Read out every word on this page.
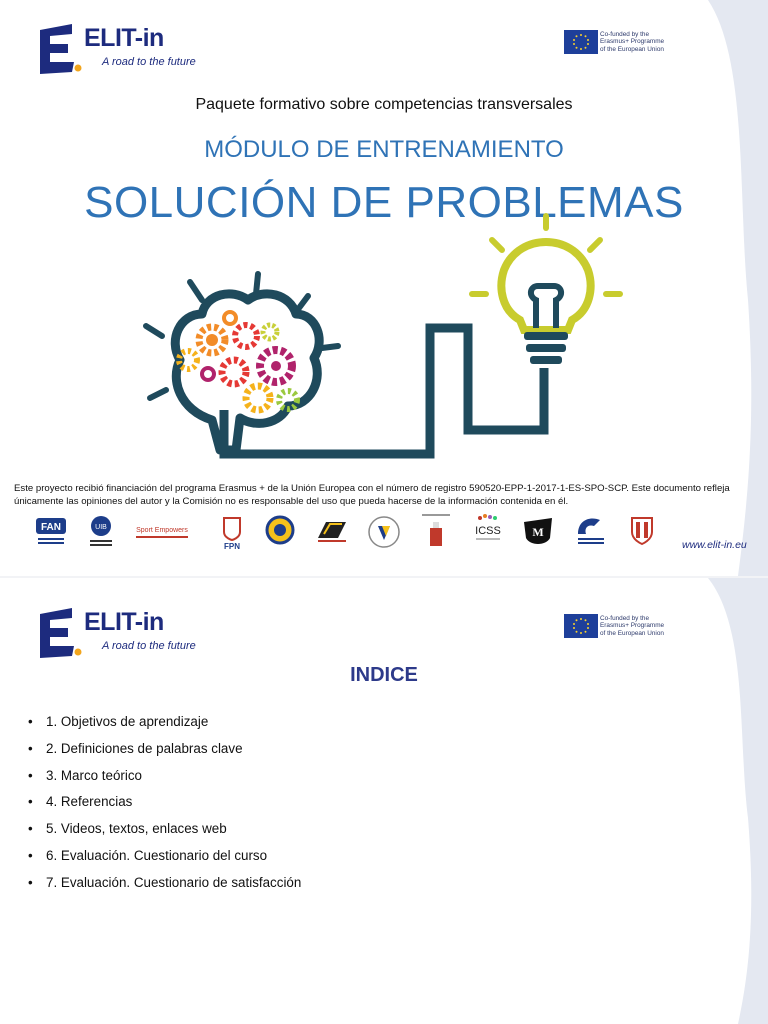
ELIT-in
A road to the future
Co-funded by the
Erasmus+ Programme
of the European Union
Paquete formativo sobre competencias transversales
MÓDULO DE ENTRENAMIENTO
SOLUCIÓN DE PROBLEMAS
Este proyecto recibió financiación del programa Erasmus + de la Unión Europea con el número de registro 590520-EPP-1-2017-1-ES-SPO-SCP. Este documento refleja únicamente las opiniones del autor y la Comisión no es responsable del uso que pueda hacerse de la información contenida en él.
FAN	UIB	Sport Empowers
FPN
ICSS	M
www.elit-in.eu
ELIT-in
A road to the future
Co-funded by the
Erasmus+ Programme
of the European Union
INDICE
• 1. Objetivos de aprendizaje
• 2. Definiciones de palabras clave
• 3. Marco teórico
• 4. Referencias
• 5. Videos, textos, enlaces web
• 6. Evaluación. Cuestionario del curso
• 7. Evaluación. Cuestionario de satisfacción
